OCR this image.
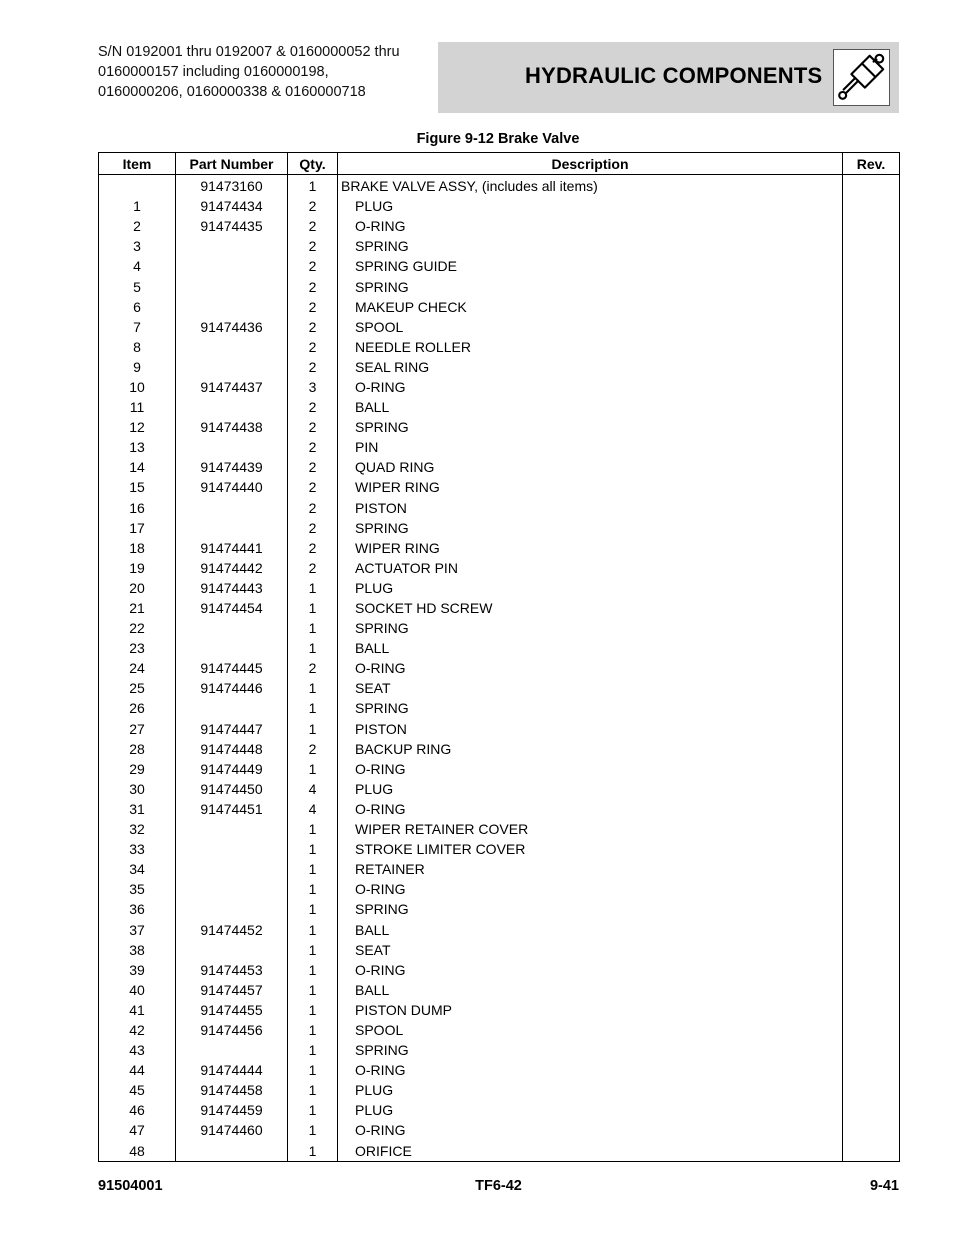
S/N 0192001 thru 0192007 & 0160000052 thru
0160000157 including 0160000198,
0160000206, 0160000338 & 0160000718
HYDRAULIC COMPONENTS
Figure 9-12 Brake Valve
Item	Part Number	Qty.	Description	Rev.
	91473160	1	BRAKE VALVE ASSY, (includes all items)	
1	91474434	2	PLUG	
2	91474435	2	O-RING	
3		2	SPRING	
4		2	SPRING GUIDE	
5		2	SPRING	
6		2	MAKEUP CHECK	
7	91474436	2	SPOOL	
8		2	NEEDLE ROLLER	
9		2	SEAL RING	
10	91474437	3	O-RING	
11		2	BALL	
12	91474438	2	SPRING	
13		2	PIN	
14	91474439	2	QUAD RING	
15	91474440	2	WIPER RING	
16		2	PISTON	
17		2	SPRING	
18	91474441	2	WIPER RING	
19	91474442	2	ACTUATOR PIN	
20	91474443	1	PLUG	
21	91474454	1	SOCKET HD SCREW	
22		1	SPRING	
23		1	BALL	
24	91474445	2	O-RING	
25	91474446	1	SEAT	
26		1	SPRING	
27	91474447	1	PISTON	
28	91474448	2	BACKUP RING	
29	91474449	1	O-RING	
30	91474450	4	PLUG	
31	91474451	4	O-RING	
32		1	WIPER RETAINER COVER	
33		1	STROKE LIMITER COVER	
34		1	RETAINER	
35		1	O-RING	
36		1	SPRING	
37	91474452	1	BALL	
38		1	SEAT	
39	91474453	1	O-RING	
40	91474457	1	BALL	
41	91474455	1	PISTON DUMP	
42	91474456	1	SPOOL	
43		1	SPRING	
44	91474444	1	O-RING	
45	91474458	1	PLUG	
46	91474459	1	PLUG	
47	91474460	1	O-RING	
48		1	ORIFICE	
91504001	TF6-42	9-41
